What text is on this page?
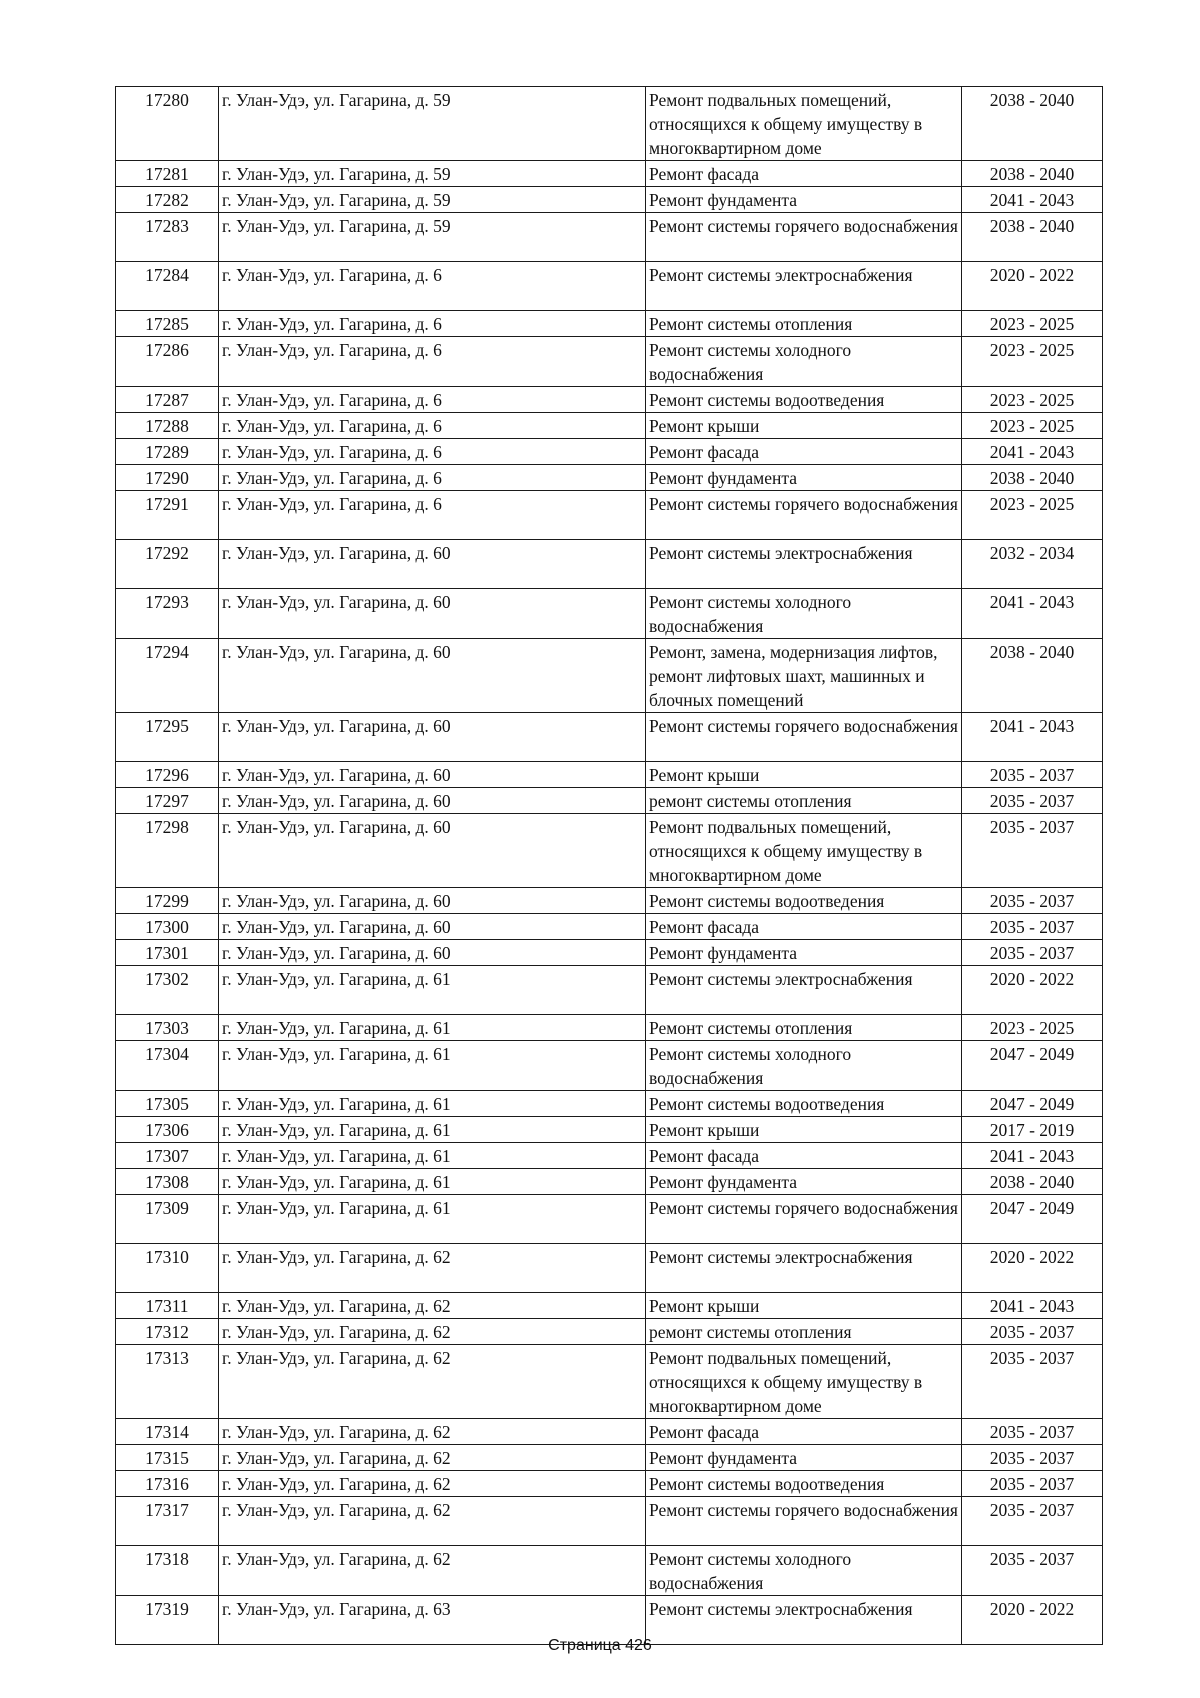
17280	г. Улан-Удэ, ул. Гагарина, д. 59	Ремонт подвальных помещений, относящихся к общему имуществу в многоквартирном доме	2038 - 2040
17281	г. Улан-Удэ, ул. Гагарина, д. 59	Ремонт фасада	2038 - 2040
17282	г. Улан-Удэ, ул. Гагарина, д. 59	Ремонт фундамента	2041 - 2043
17283	г. Улан-Удэ, ул. Гагарина, д. 59	Ремонт системы горячего водоснабжения	2038 - 2040
17284	г. Улан-Удэ, ул. Гагарина, д. 6	Ремонт системы электроснабжения	2020 - 2022
17285	г. Улан-Удэ, ул. Гагарина, д. 6	Ремонт системы отопления	2023 - 2025
17286	г. Улан-Удэ, ул. Гагарина, д. 6	Ремонт системы холодного водоснабжения	2023 - 2025
17287	г. Улан-Удэ, ул. Гагарина, д. 6	Ремонт системы водоотведения	2023 - 2025
17288	г. Улан-Удэ, ул. Гагарина, д. 6	Ремонт крыши	2023 - 2025
17289	г. Улан-Удэ, ул. Гагарина, д. 6	Ремонт фасада	2041 - 2043
17290	г. Улан-Удэ, ул. Гагарина, д. 6	Ремонт фундамента	2038 - 2040
17291	г. Улан-Удэ, ул. Гагарина, д. 6	Ремонт системы горячего водоснабжения	2023 - 2025
17292	г. Улан-Удэ, ул. Гагарина, д. 60	Ремонт системы электроснабжения	2032 - 2034
17293	г. Улан-Удэ, ул. Гагарина, д. 60	Ремонт системы холодного водоснабжения	2041 - 2043
17294	г. Улан-Удэ, ул. Гагарина, д. 60	Ремонт, замена, модернизация лифтов, ремонт лифтовых шахт, машинных и блочных помещений	2038 - 2040
17295	г. Улан-Удэ, ул. Гагарина, д. 60	Ремонт системы горячего водоснабжения	2041 - 2043
17296	г. Улан-Удэ, ул. Гагарина, д. 60	Ремонт крыши	2035 - 2037
17297	г. Улан-Удэ, ул. Гагарина, д. 60	ремонт системы отопления	2035 - 2037
17298	г. Улан-Удэ, ул. Гагарина, д. 60	Ремонт подвальных помещений, относящихся к общему имуществу в многоквартирном доме	2035 - 2037
17299	г. Улан-Удэ, ул. Гагарина, д. 60	Ремонт системы водоотведения	2035 - 2037
17300	г. Улан-Удэ, ул. Гагарина, д. 60	Ремонт фасада	2035 - 2037
17301	г. Улан-Удэ, ул. Гагарина, д. 60	Ремонт фундамента	2035 - 2037
17302	г. Улан-Удэ, ул. Гагарина, д. 61	Ремонт системы электроснабжения	2020 - 2022
17303	г. Улан-Удэ, ул. Гагарина, д. 61	Ремонт системы отопления	2023 - 2025
17304	г. Улан-Удэ, ул. Гагарина, д. 61	Ремонт системы холодного водоснабжения	2047 - 2049
17305	г. Улан-Удэ, ул. Гагарина, д. 61	Ремонт системы водоотведения	2047 - 2049
17306	г. Улан-Удэ, ул. Гагарина, д. 61	Ремонт крыши	2017 - 2019
17307	г. Улан-Удэ, ул. Гагарина, д. 61	Ремонт фасада	2041 - 2043
17308	г. Улан-Удэ, ул. Гагарина, д. 61	Ремонт фундамента	2038 - 2040
17309	г. Улан-Удэ, ул. Гагарина, д. 61	Ремонт системы горячего водоснабжения	2047 - 2049
17310	г. Улан-Удэ, ул. Гагарина, д. 62	Ремонт системы электроснабжения	2020 - 2022
17311	г. Улан-Удэ, ул. Гагарина, д. 62	Ремонт крыши	2041 - 2043
17312	г. Улан-Удэ, ул. Гагарина, д. 62	ремонт системы отопления	2035 - 2037
17313	г. Улан-Удэ, ул. Гагарина, д. 62	Ремонт подвальных помещений, относящихся к общему имуществу в многоквартирном доме	2035 - 2037
17314	г. Улан-Удэ, ул. Гагарина, д. 62	Ремонт фасада	2035 - 2037
17315	г. Улан-Удэ, ул. Гагарина, д. 62	Ремонт фундамента	2035 - 2037
17316	г. Улан-Удэ, ул. Гагарина, д. 62	Ремонт системы водоотведения	2035 - 2037
17317	г. Улан-Удэ, ул. Гагарина, д. 62	Ремонт системы горячего водоснабжения	2035 - 2037
17318	г. Улан-Удэ, ул. Гагарина, д. 62	Ремонт системы холодного водоснабжения	2035 - 2037
17319	г. Улан-Удэ, ул. Гагарина, д. 63	Ремонт системы электроснабжения	2020 - 2022
Страница 426
